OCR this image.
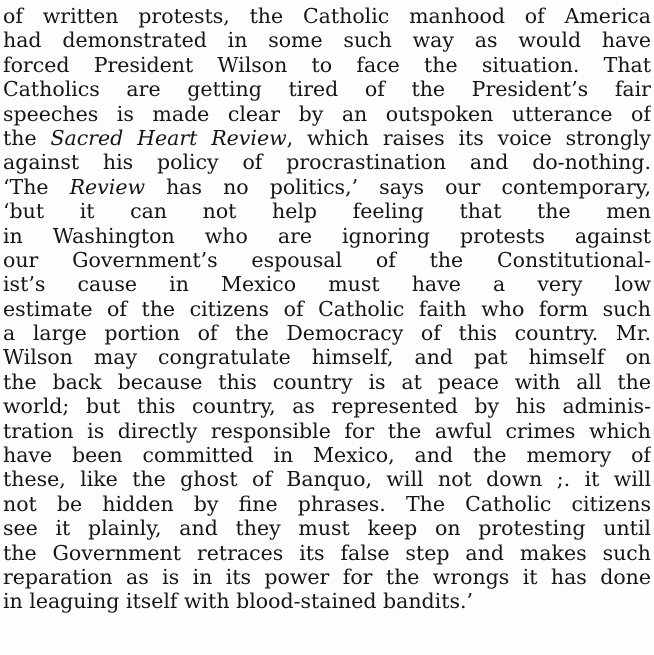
of written protests, the Catholic manhood of America
had demonstrated in some such way as would have
forced President Wilson to face the situation. That
Catholics are getting tired of the President’s fair
speeches is made clear by an outspoken utterance of
the Sacred Heart Review, which raises its voice strongly
against his policy of procrastination and do-nothing.
‘The Review has no politics,’ says our contemporary,
‘but it can not help feeling that the men
in Washington who are ignoring protests against
our Government’s espousal of the Constitutional-
ist’s cause in Mexico must have a very low
estimate of the citizens of Catholic faith who form such
a large portion of the Democracy of this country. Mr.
Wilson may congratulate himself, and pat himself on
the back because this country is at peace with all the
world; but this country, as represented by his adminis-
tration is directly responsible for the awful crimes which
have been committed in Mexico, and the memory of
these, like the ghost of Banquo, will not down ;. it will
not be hidden by fine phrases. The Catholic citizens
see it plainly, and they must keep on protesting until
the Government retraces its false step and makes such
reparation as is in its power for the wrongs it has done
in leaguing itself with blood-stained bandits.’
